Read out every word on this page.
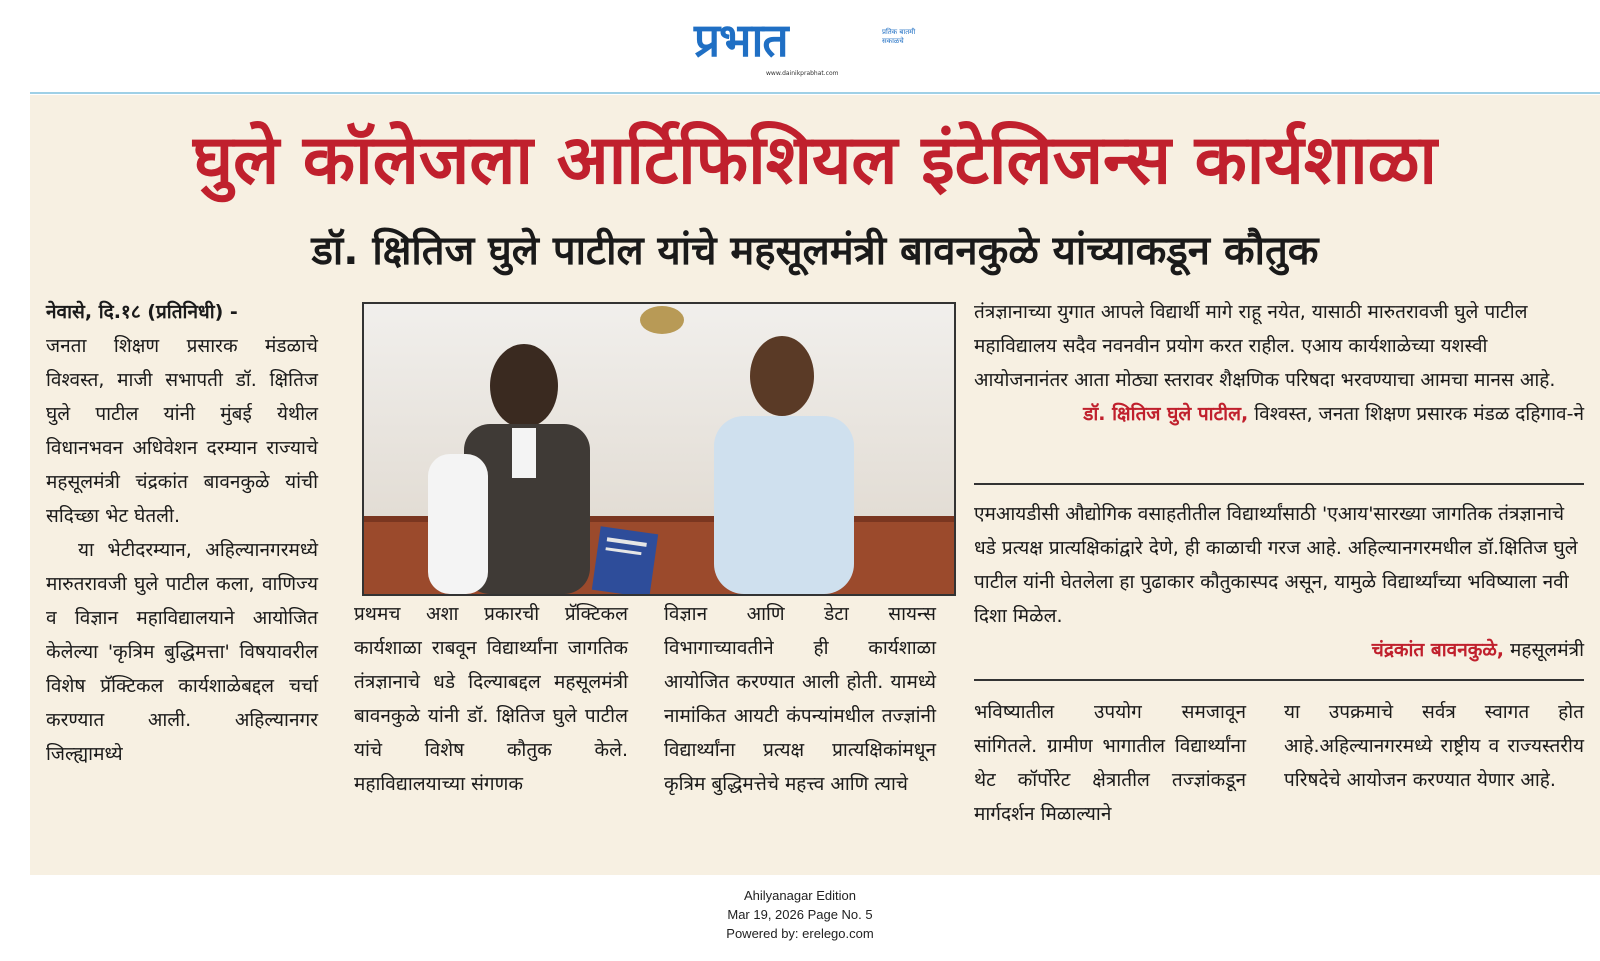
प्रभात	प्रतिक बातमी सकाळचे
www.dainikprabhat.com
घुले कॉलेजला आर्टिफिशियल इंटेलिजन्स कार्यशाळा
डॉ. क्षितिज घुले पाटील यांचे महसूलमंत्री बावनकुळे यांच्याकडून कौतुक

नेवासे, दि.१८ (प्रतिनिधी) -

जनता शिक्षण प्रसारक मंडळाचे विश्वस्त, माजी सभापती डॉ. क्षितिज घुले पाटील यांनी मुंबई येथील विधानभवन अधिवेशन दरम्यान राज्याचे महसूलमंत्री चंद्रकांत बावनकुळे यांची सदिच्छा भेट घेतली.

या भेटीदरम्यान, अहिल्यानगरमध्ये मारुतरावजी घुले पाटील कला, वाणिज्य व विज्ञान महाविद्यालयाने आयोजित केलेल्या 'कृत्रिम बुद्धिमत्ता' विषयावरील विशेष प्रॅक्टिकल कार्यशाळेबद्दल चर्चा करण्यात आली. अहिल्यानगर जिल्ह्यामध्ये

प्रथमच अशा प्रकारची प्रॅक्टिकल कार्यशाळा राबवून विद्यार्थ्यांना जागतिक तंत्रज्ञानाचे धडे दिल्याबद्दल महसूलमंत्री बावनकुळे यांनी डॉ. क्षितिज घुले पाटील यांचे विशेष कौतुक केले. महाविद्यालयाच्या संगणक

विज्ञान आणि डेटा सायन्स विभागाच्यावतीने ही कार्यशाळा आयोजित करण्यात आली होती. यामध्ये नामांकित आयटी कंपन्यांमधील तज्ज्ञांनी विद्यार्थ्यांना प्रत्यक्ष प्रात्यक्षिकांमधून कृत्रिम बुद्धिमत्तेचे महत्त्व आणि त्याचे

तंत्रज्ञानाच्या युगात आपले विद्यार्थी मागे राहू नयेत, यासाठी मारुतरावजी घुले पाटील महाविद्यालय सदैव नवनवीन प्रयोग करत राहील. एआय कार्यशाळेच्या यशस्वी आयोजनानंतर आता मोठ्या स्तरावर शैक्षणिक परिषदा भरवण्याचा आमचा मानस आहे.

डॉ. क्षितिज घुले पाटील, विश्वस्त, जनता शिक्षण प्रसारक मंडळ दहिगाव-ने

एमआयडीसी औद्योगिक वसाहतीतील विद्यार्थ्यांसाठी 'एआय'सारख्या जागतिक तंत्रज्ञानाचे धडे प्रत्यक्ष प्रात्यक्षिकांद्वारे देणे, ही काळाची गरज आहे. अहिल्यानगरमधील डॉ.क्षितिज घुले पाटील यांनी घेतलेला हा पुढाकार कौतुकास्पद असून, यामुळे विद्यार्थ्यांच्या भविष्याला नवी दिशा मिळेल.

चंद्रकांत बावनकुळे, महसूलमंत्री

भविष्यातील उपयोग समजावून सांगितले. ग्रामीण भागातील विद्यार्थ्यांना थेट कॉर्पोरेट क्षेत्रातील तज्ज्ञांकडून मार्गदर्शन मिळाल्याने

या उपक्रमाचे सर्वत्र स्वागत होत आहे.अहिल्यानगरमध्ये राष्ट्रीय व राज्यस्तरीय परिषदेचे आयोजन करण्यात येणार आहे.

Ahilyanagar Edition
Mar 19, 2026 Page No. 5
Powered by: erelego.com
